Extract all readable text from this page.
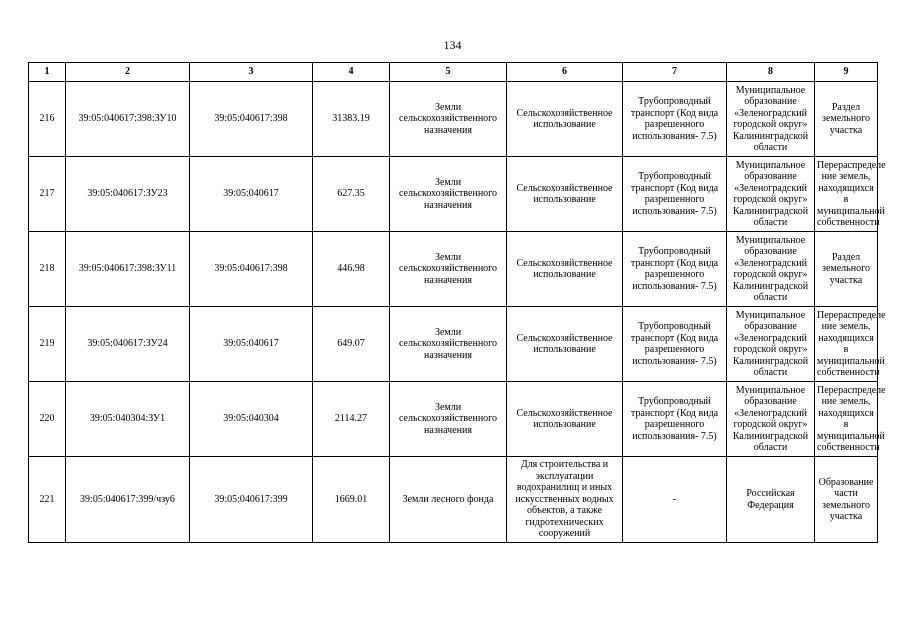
134
1	2	3	4	5	6	7	8	9
216	39:05:040617:398:ЗУ10	39:05:040617:398	31383.19	Земли сельскохозяйственного назначения	Сельскохозяйственное использование	Трубопроводный транспорт (Код вида разрешенного использования- 7.5)	Муниципальное образование «Зеленоградский городской округ» Калининградской области	Раздел земельного участка
217	39:05:040617:ЗУ23	39:05:040617	627.35	Земли сельскохозяйственного назначения	Сельскохозяйственное использование	Трубопроводный транспорт (Код вида разрешенного использования- 7.5)	Муниципальное образование «Зеленоградский городской округ» Калининградской области	Перераспределе ние земель, находящихся в муниципальной собственности
218	39:05:040617:398:ЗУ11	39:05:040617:398	446.98	Земли сельскохозяйственного назначения	Сельскохозяйственное использование	Трубопроводный транспорт (Код вида разрешенного использования- 7.5)	Муниципальное образование «Зеленоградский городской округ» Калининградской области	Раздел земельного участка
219	39:05:040617:ЗУ24	39:05:040617	649.07	Земли сельскохозяйственного назначения	Сельскохозяйственное использование	Трубопроводный транспорт (Код вида разрешенного использования- 7.5)	Муниципальное образование «Зеленоградский городской округ» Калининградской области	Перераспределе ние земель, находящихся в муниципальной собственности
220	39:05:040304:ЗУ1	39:05:040304	2114.27	Земли сельскохозяйственного назначения	Сельскохозяйственное использование	Трубопроводный транспорт (Код вида разрешенного использования- 7.5)	Муниципальное образование «Зеленоградский городской округ» Калининградской области	Перераспределе ние земель, находящихся в муниципальной собственности
221	39:05:040617:399/чзу6	39:05:040617:399	1669.01	Земли лесного фонда	Для строительства и эксплуатации водохранилищ и иных искусственных водных объектов, а также гидротехнических сооружений	-	Российская Федерация	Образование части земельного участка
